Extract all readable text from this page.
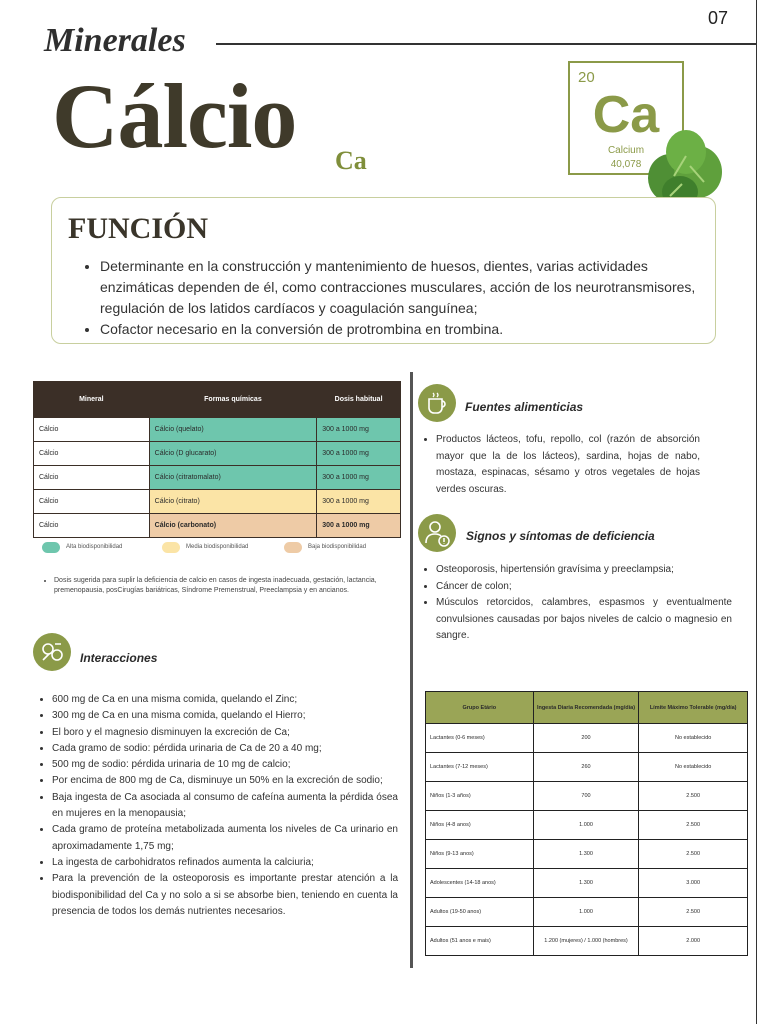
07
Minerales
Cálcio Ca
20
Ca
Calcium
40,078
FUNCIÓN
• Determinante en la construcción y mantenimiento de huesos, dientes, varias actividades enzimáticas dependen de él, como contracciones musculares, acción de los neurotransmisores, regulación de los latidos cardíacos y coagulación sanguínea;
• Cofactor necesario en la conversión de protrombina en trombina.
Mineral	Formas químicas	Dosis habitual
Cálcio	Cálcio (quelato)	300 a 1000 mg
Cálcio	Cálcio (D glucarato)	300 a 1000 mg
Cálcio	Cálcio (citratomalato)	300 a 1000 mg
Cálcio	Cálcio (citrato)	300 a 1000 mg
Cálcio	Cálcio (carbonato)	300 a 1000 mg
Alta biodisponibilidad	Media biodisponibilidad	Baja biodisponibilidad
• Dosis sugerida para suplir la deficiencia de calcio en casos de ingesta inadecuada, gestación, lactancia, premenopausia, posCirugías bariátricas, Síndrome Premenstrual, Preeclampsia y en ancianos.
Interacciones
• 600 mg de Ca en una misma comida, quelando el Zinc;
• 300 mg de Ca en una misma comida, quelando el Hierro;
• El boro y el magnesio disminuyen la excreción de Ca;
• Cada gramo de sodio: pérdida urinaria de Ca de 20 a 40 mg;
• 500 mg de sodio: pérdida urinaria de 10 mg de calcio;
• Por encima de 800 mg de Ca, disminuye un 50% en la excreción de sodio;
• Baja ingesta de Ca asociada al consumo de cafeína aumenta la pérdida ósea en mujeres en la menopausia;
• Cada gramo de proteína metabolizada aumenta los niveles de Ca urinario en aproximadamente 1,75 mg;
• La ingesta de carbohidratos refinados aumenta la calciuria;
• Para la prevención de la osteoporosis es importante prestar atención a la biodisponibilidad del Ca y no solo a si se absorbe bien, teniendo en cuenta la presencia de todos los demás nutrientes necesarios.
Fuentes alimenticias
• Productos lácteos, tofu, repollo, col (razón de absorción mayor que la de los lácteos), sardina, hojas de nabo, mostaza, espinacas, sésamo y otros vegetales de hojas verdes oscuras.
Signos y síntomas de deficiencia
• Osteoporosis, hipertensión gravísima y preeclampsia;
• Cáncer de colon;
• Músculos retorcidos, calambres, espasmos y eventualmente convulsiones causadas por bajos niveles de calcio o magnesio en sangre.
Grupo Etário	Ingesta Diaria Recomendada (mg/día)	Límite Máximo Tolerable (mg/día)
Lactantes (0-6 meses)	200	No establecido
Lactantes (7-12 meses)	260	No establecido
Niños (1-3 años)	700	2.500
Niños (4-8 anos)	1.000	2.500
Niños (9-13 anos)	1.300	2.500
Adolescentes (14-18 anos)	1.300	3.000
Adultos (19-50 anos)	1.000	2.500
Adultos (51 anos e mais)	1.200 (mujeres) / 1.000 (hombres)	2.000
